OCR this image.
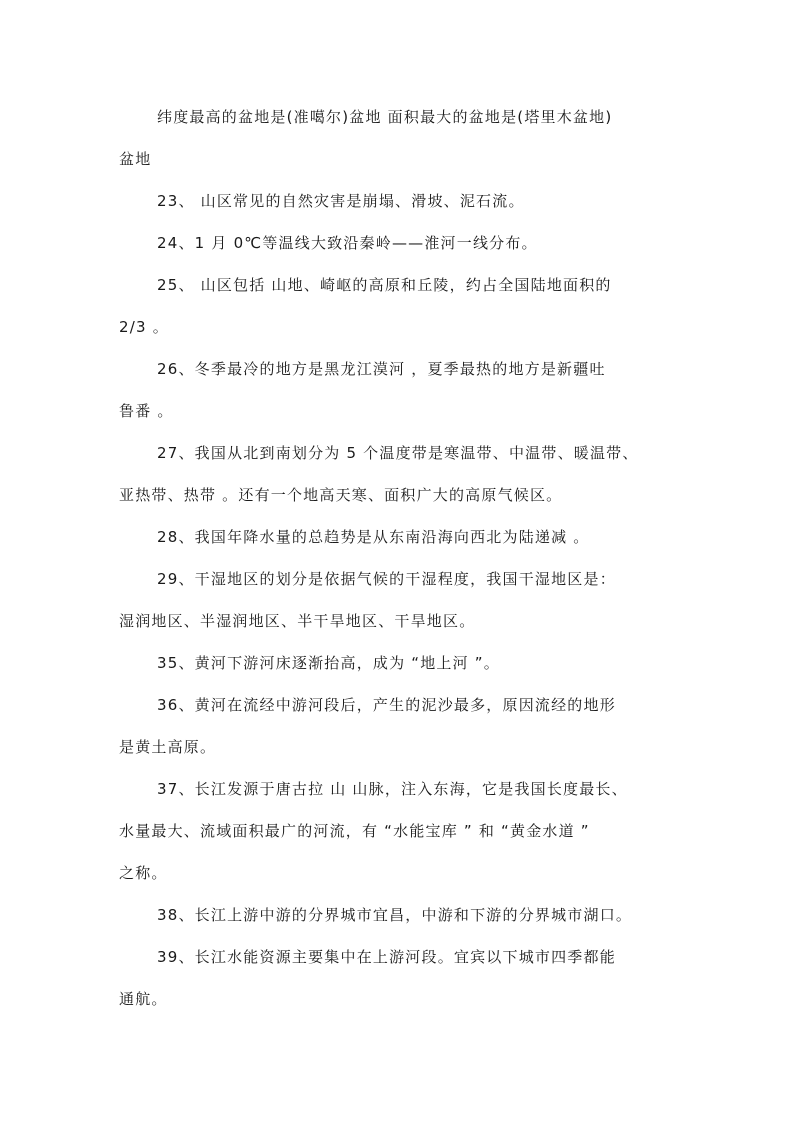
纬度最高的盆地是(准噶尔)盆地 面积最大的盆地是(塔里木盆地)
盆地
23、 山区常见的自然灾害是崩塌、滑坡、泥石流。
24、1 月 0℃等温线大致沿秦岭——淮河一线分布。
25、 山区包括 山地、崎岖的高原和丘陵，约占全国陆地面积的
2/3 。
26、冬季最冷的地方是黑龙江漠河 ，夏季最热的地方是新疆吐
鲁番 。
27、我国从北到南划分为 5 个温度带是寒温带、中温带、暖温带、
亚热带、热带 。还有一个地高天寒、面积广大的高原气候区。
28、我国年降水量的总趋势是从东南沿海向西北为陆递减 。
29、干湿地区的划分是依据气候的干湿程度，我国干湿地区是：
湿润地区、半湿润地区、半干旱地区、干旱地区。
35、黄河下游河床逐渐抬高，成为 “地上河 ”。
36、黄河在流经中游河段后，产生的泥沙最多，原因流经的地形
是黄土高原。
37、长江发源于唐古拉 山 山脉，注入东海，它是我国长度最长、
水量最大、流域面积最广的河流，有 “水能宝库 ” 和 “黄金水道 ”
之称。
38、长江上游中游的分界城市宜昌，中游和下游的分界城市湖口。
39、长江水能资源主要集中在上游河段。宜宾以下城市四季都能
通航。
